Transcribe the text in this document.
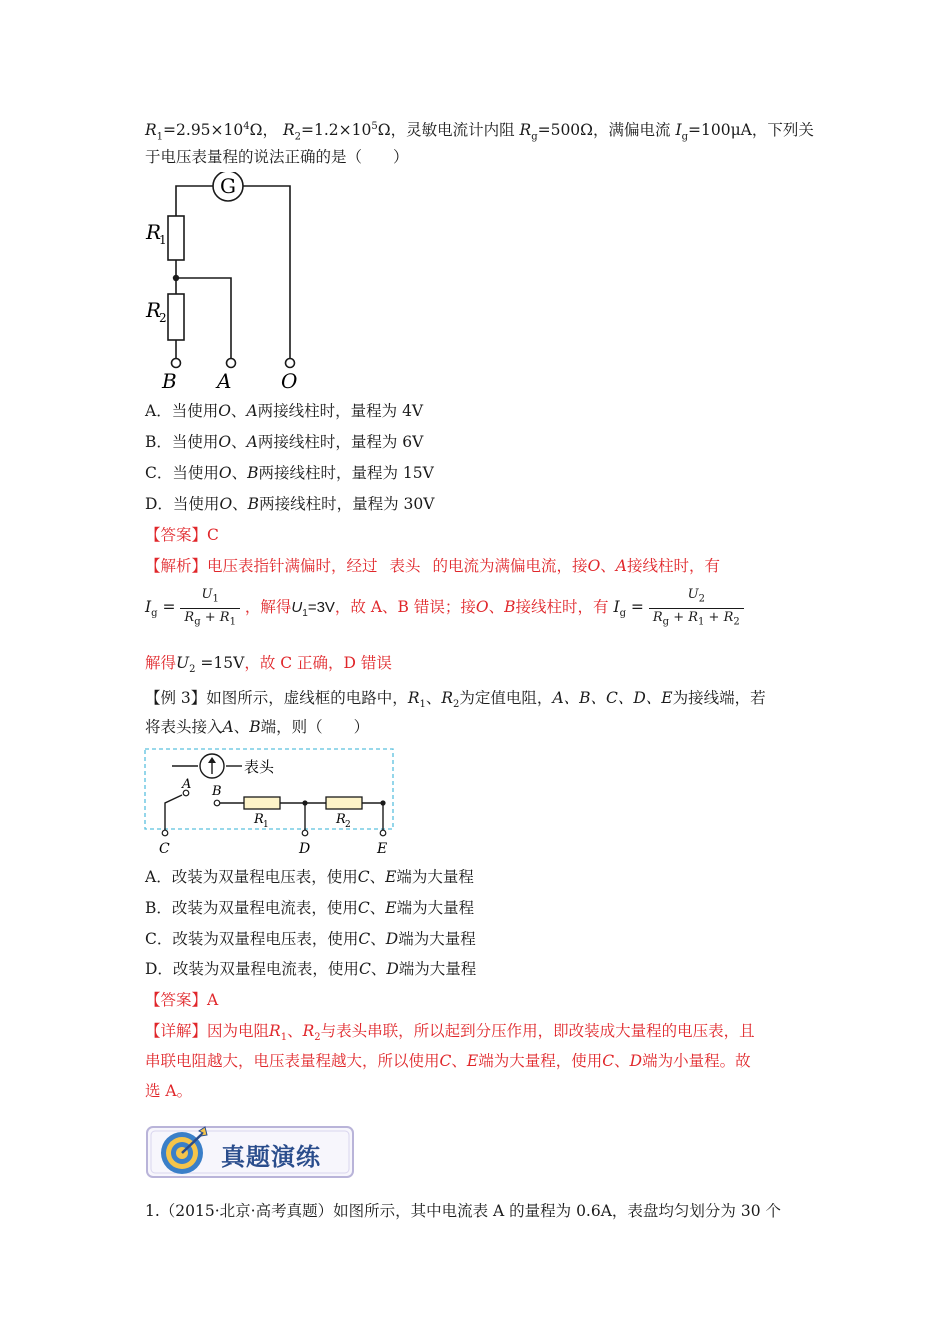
$R_1=2.95\times 10^4\Omega$， $R_2=1.2\times 10^5\Omega$，灵敏电流计内阻 $R_g=500\Omega$，满偏电流 $I_g=100\mu A$，下列关
于电压表量程的说法正确的是（　　）
G
R
1
R
2
B A O
A．当使用O、A两接线柱时，量程为 4V
B．当使用O、A两接线柱时，量程为 6V
C．当使用O、B两接线柱时，量程为 15V
D．当使用O、B两接线柱时，量程为 30V
【答案】C
【解析】电压表指针满偏时，经过 表头 的电流为满偏电流，接O、A接线柱时，有
$I_g = \frac{U_1}{R_g + R_1}$ ，解得$U_1=3V$，故 A、B 错误；接O、B接线柱时，有 $I_g = \frac{U_2}{R_g + R_1 + R_2}$
解得$U_2 =15V$，故 C 正确，D 错误
【例 3】如图所示，虚线框的电路中，$R_1$、$R_2$为定值电阻，A、B、C、D、E为接线端，若
将表头接入A、B端，则（　　）
表头
A B
R 1	R 2
C	D	E
A．改装为双量程电压表，使用C、E端为大量程
B．改装为双量程电流表，使用C、E端为大量程
C．改装为双量程电压表，使用C、D端为大量程
D．改装为双量程电流表，使用C、D端为大量程
【答案】A
【详解】因为电阻$R_1$、$R_2$与表头串联，所以起到分压作用，即改装成大量程的电压表，且
串联电阻越大，电压表量程越大，所以使用C、E端为大量程，使用C、D端为小量程。故
选 A。
真题演练
1.（2015·北京·高考真题）如图所示，其中电流表 A 的量程为 0.6A，表盘均匀划分为 30 个
